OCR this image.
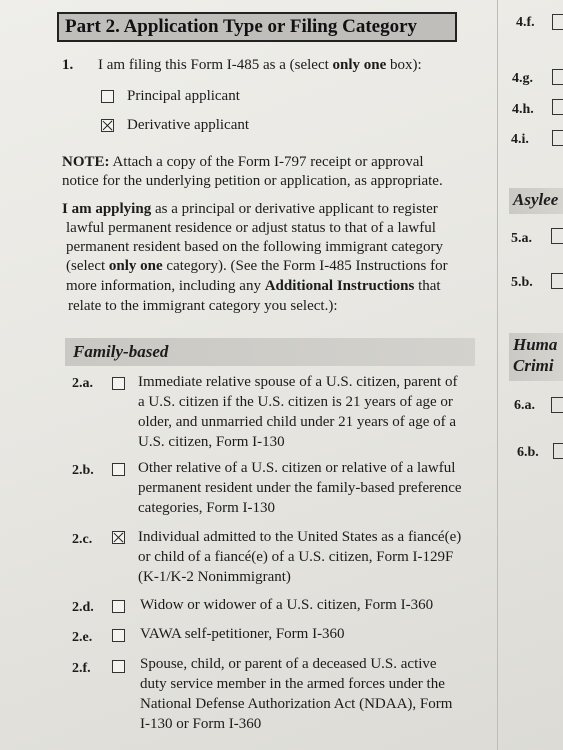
Part 2. Application Type or Filing Category
1. I am filing this Form I-485 as a (select only one box):
Principal applicant
Derivative applicant
NOTE: Attach a copy of the Form I-797 receipt or approval
notice for the underlying petition or application, as appropriate.
I am applying as a principal or derivative applicant to register
lawful permanent residence or adjust status to that of a lawful
permanent resident based on the following immigrant category
(select only one category). (See the Form I-485 Instructions for
more information, including any Additional Instructions that
relate to the immigrant category you select.):
Family-based
2.a.	Immediate relative spouse of a U.S. citizen, parent of
a U.S. citizen if the U.S. citizen is 21 years of age or
older, and unmarried child under 21 years of age of a
U.S. citizen, Form I-130
2.b.	Other relative of a U.S. citizen or relative of a lawful
permanent resident under the family-based preference
categories, Form I-130
2.c.	Individual admitted to the United States as a fiancé(e)
or child of a fiancé(e) of a U.S. citizen, Form I-129F
(K-1/K-2 Nonimmigrant)
2.d.	Widow or widower of a U.S. citizen, Form I-360
2.e.	VAWA self-petitioner, Form I-360
2.f.	Spouse, child, or parent of a deceased U.S. active
duty service member in the armed forces under the
National Defense Authorization Act (NDAA), Form
I-130 or Form I-360
4.f.
4.g.
4.h.
4.i.
Asylee
5.a.
5.b.
Huma
Crimi
6.a.
6.b.
